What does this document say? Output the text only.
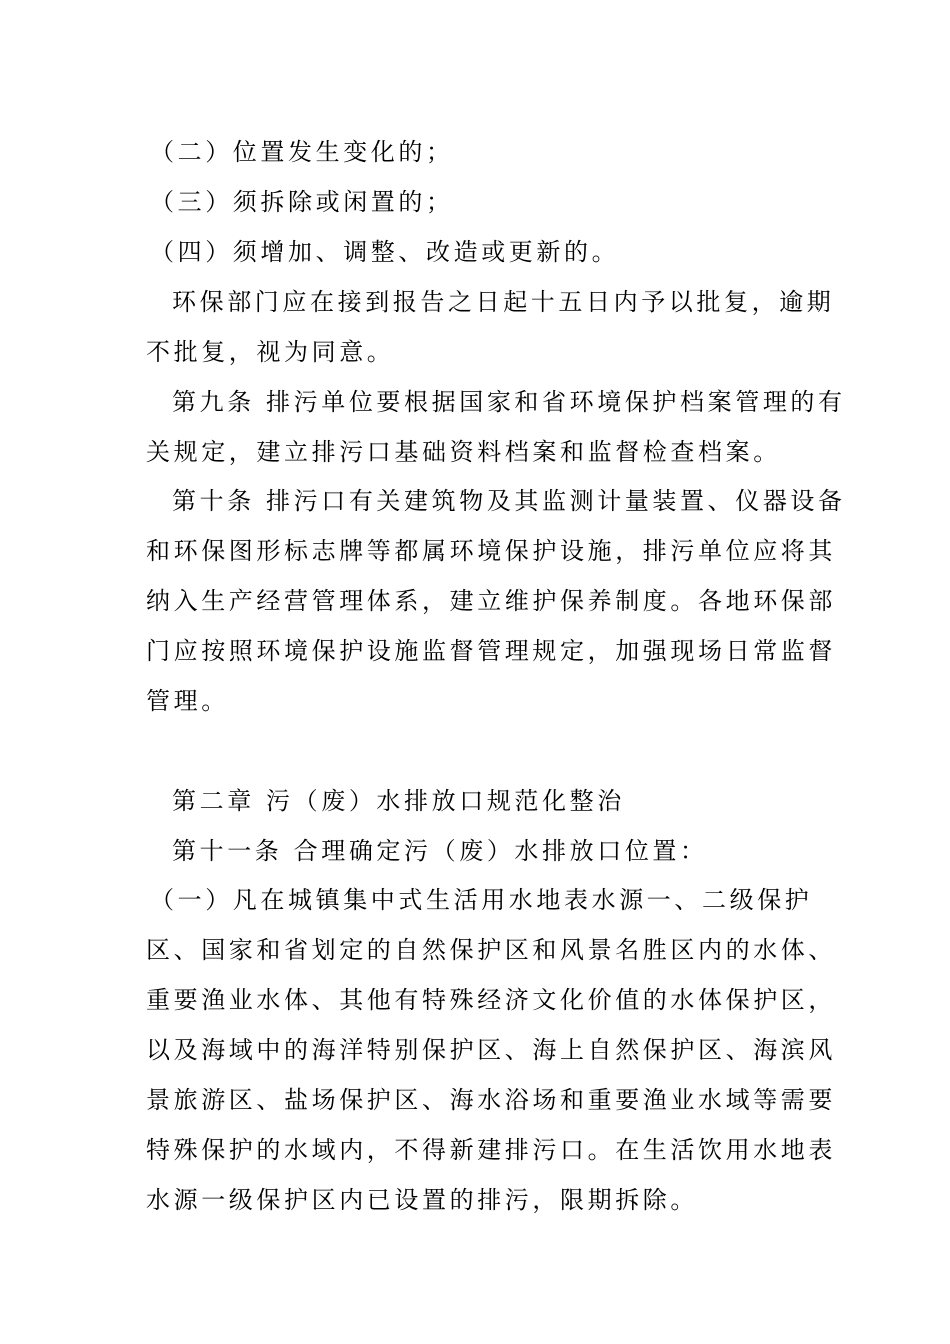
（二）位置发生变化的；

（三）须拆除或闲置的；

（四）须增加、调整、改造或更新的。

环保部门应在接到报告之日起十五日内予以批复，逾期

不批复，视为同意。

第九条 排污单位要根据国家和省环境保护档案管理的有

关规定，建立排污口基础资料档案和监督检查档案。

第十条 排污口有关建筑物及其监测计量装置、仪器设备

和环保图形标志牌等都属环境保护设施，排污单位应将其

纳入生产经营管理体系，建立维护保养制度。各地环保部

门应按照环境保护设施监督管理规定，加强现场日常监督

管理。

第二章 污（废）水排放口规范化整治

第十一条 合理确定污（废）水排放口位置：

（一）凡在城镇集中式生活用水地表水源一、二级保护

区、国家和省划定的自然保护区和风景名胜区内的水体、

重要渔业水体、其他有特殊经济文化价值的水体保护区，

以及海域中的海洋特别保护区、海上自然保护区、海滨风

景旅游区、盐场保护区、海水浴场和重要渔业水域等需要

特殊保护的水域内，不得新建排污口。在生活饮用水地表

水源一级保护区内已设置的排污，限期拆除。
